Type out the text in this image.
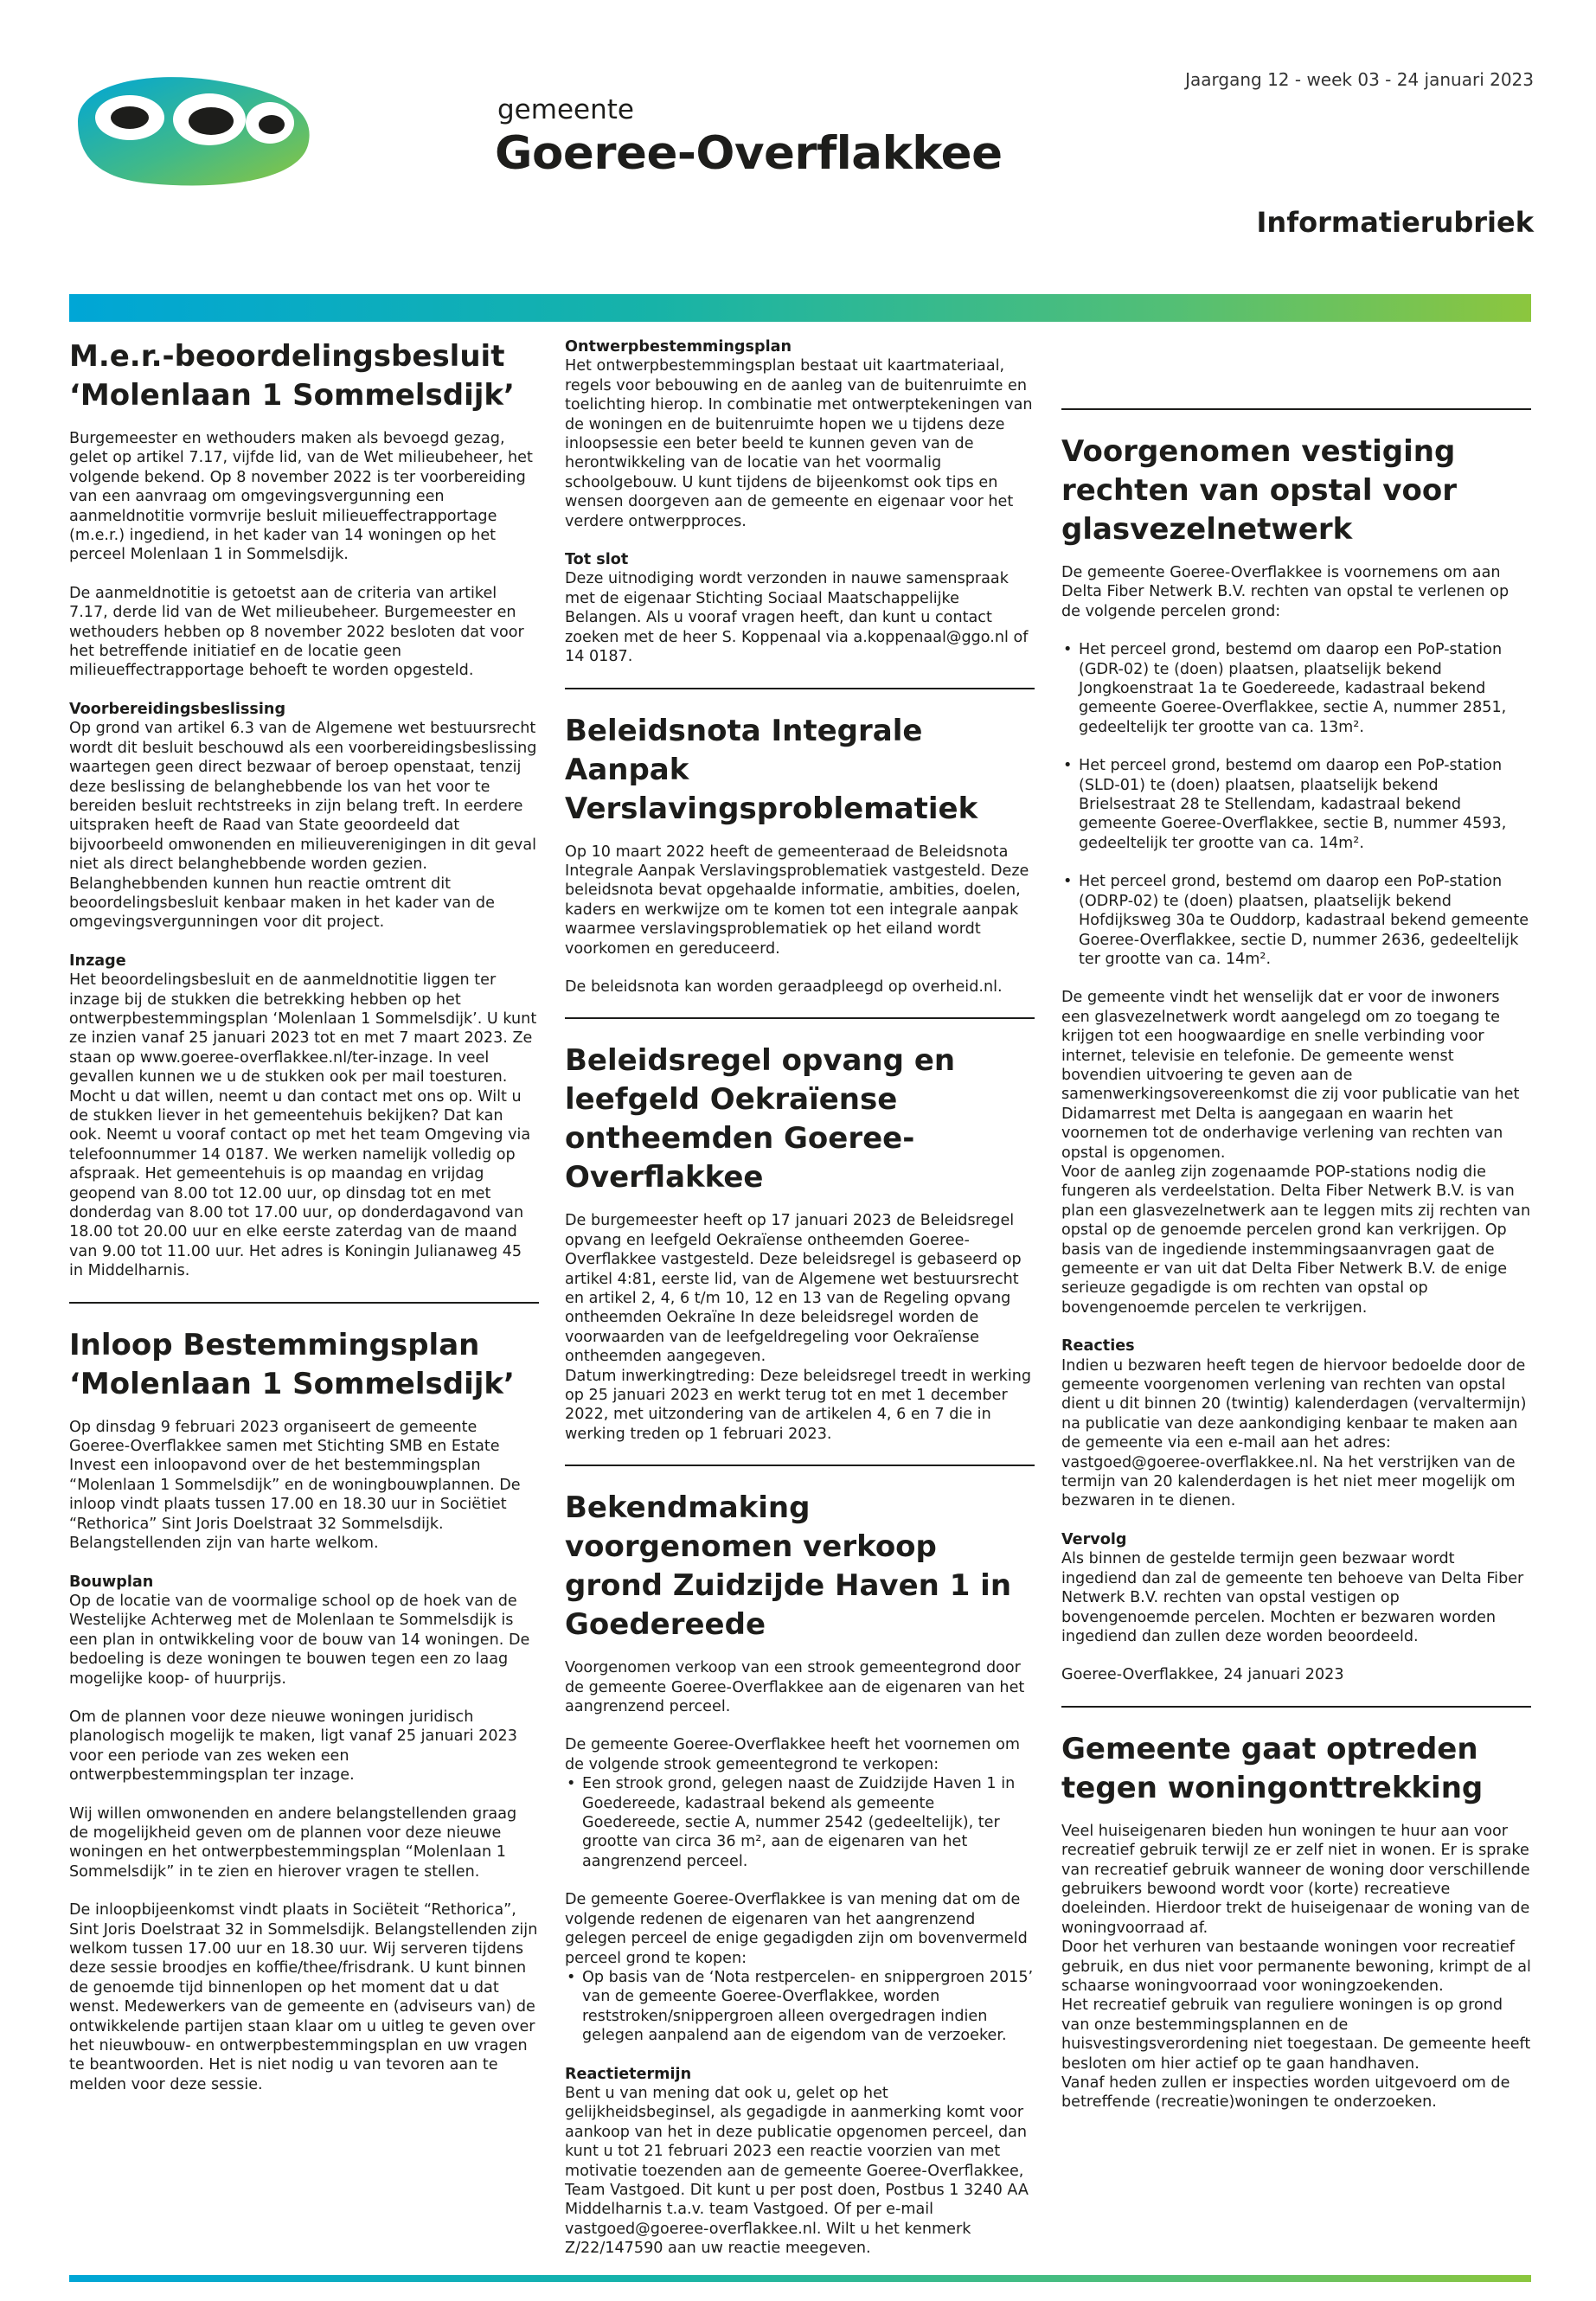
gemeente

Goeree-Overflakkee

Jaargang 12 - week 03 - 24 januari 2023

Informatierubriek

M.e.r.-beoordelingsbesluit ‘Molenlaan 1 Sommelsdijk’

Burgemeester en wethouders maken als bevoegd gezag, gelet op artikel 7.17, vijfde lid, van de Wet milieubeheer, het volgende bekend. Op 8 november 2022 is ter voorbereiding van een aanvraag om omgevingsvergunning een aanmeldnotitie vormvrije besluit milieueffectrapportage (m.e.r.) ingediend, in het kader van 14 woningen op het perceel Molenlaan 1 in Sommelsdijk.

De aanmeldnotitie is getoetst aan de criteria van artikel 7.17, derde lid van de Wet milieubeheer. Burgemeester en wethouders hebben op 8 november 2022 besloten dat voor het betreffende initiatief en de locatie geen milieueffectrapportage behoeft te worden opgesteld.

Voorbereidingsbeslissing

Op grond van artikel 6.3 van de Algemene wet bestuursrecht wordt dit besluit beschouwd als een voorbereidingsbeslissing waartegen geen direct bezwaar of beroep openstaat, tenzij deze beslissing de belanghebbende los van het voor te bereiden besluit rechtstreeks in zijn belang treft. In eerdere uitspraken heeft de Raad van State geoordeeld dat bijvoorbeeld omwonenden en milieuverenigingen in dit geval niet als direct belanghebbende worden gezien. Belanghebbenden kunnen hun reactie omtrent dit beoordelingsbesluit kenbaar maken in het kader van de omgevingsvergunningen voor dit project.

Inzage

Het beoordelingsbesluit en de aanmeldnotitie liggen ter inzage bij de stukken die betrekking hebben op het ontwerpbestemmingsplan ‘Molenlaan 1 Sommelsdijk’. U kunt ze inzien vanaf 25 januari 2023 tot en met 7 maart 2023. Ze staan op www.goeree-overflakkee.nl/ter-inzage. In veel gevallen kunnen we u de stukken ook per mail toesturen. Mocht u dat willen, neemt u dan contact met ons op. Wilt u de stukken liever in het gemeentehuis bekijken? Dat kan ook. Neemt u vooraf contact op met het team Omgeving via telefoonnummer 14 0187. We werken namelijk volledig op afspraak. Het gemeentehuis is op maandag en vrijdag geopend van 8.00 tot 12.00 uur, op dinsdag tot en met donderdag van 8.00 tot 17.00 uur, op donderdagavond van 18.00 tot 20.00 uur en elke eerste zaterdag van de maand van 9.00 tot 11.00 uur. Het adres is Koningin Julianaweg 45 in Middelharnis.

Inloop Bestemmingsplan ‘Molenlaan 1 Sommelsdijk’

Op dinsdag 9 februari 2023 organiseert de gemeente Goeree-Overflakkee samen met Stichting SMB en Estate Invest een inloopavond over de het bestemmingsplan “Molenlaan 1 Sommelsdijk” en de woningbouwplannen. De inloop vindt plaats tussen 17.00 en 18.30 uur in Sociëtiet “Rethorica” Sint Joris Doelstraat 32 Sommelsdijk. Belangstellenden zijn van harte welkom.

Bouwplan

Op de locatie van de voormalige school op de hoek van de Westelijke Achterweg met de Molenlaan te Sommelsdijk is een plan in ontwikkeling voor de bouw van 14 woningen. De bedoeling is deze woningen te bouwen tegen een zo laag mogelijke koop- of huurprijs.

Om de plannen voor deze nieuwe woningen juridisch planologisch mogelijk te maken, ligt vanaf 25 januari 2023 voor een periode van zes weken een ontwerpbestemmingsplan ter inzage.

Wij willen omwonenden en andere belangstellenden graag de mogelijkheid geven om de plannen voor deze nieuwe woningen en het ontwerpbestemmingsplan “Molenlaan 1 Sommelsdijk” in te zien en hierover vragen te stellen.

De inloopbijeenkomst vindt plaats in Sociëteit “Rethorica”, Sint Joris Doelstraat 32 in Sommelsdijk. Belangstellenden zijn welkom tussen 17.00 uur en 18.30 uur. Wij serveren tijdens deze sessie broodjes en koffie/thee/frisdrank. U kunt binnen de genoemde tijd binnenlopen op het moment dat u dat wenst. Medewerkers van de gemeente en (adviseurs van) de ontwikkelende partijen staan klaar om u uitleg te geven over het nieuwbouw- en ontwerpbestemmingsplan en uw vragen te beantwoorden. Het is niet nodig u van tevoren aan te melden voor deze sessie.

Ontwerpbestemmingsplan

Het ontwerpbestemmingsplan bestaat uit kaartmateriaal, regels voor bebouwing en de aanleg van de buitenruimte en toelichting hierop. In combinatie met ontwerptekeningen van de woningen en de buitenruimte hopen we u tijdens deze inloopsessie een beter beeld te kunnen geven van de herontwikkeling van de locatie van het voormalig schoolgebouw. U kunt tijdens de bijeenkomst ook tips en wensen doorgeven aan de gemeente en eigenaar voor het verdere ontwerpproces.

Tot slot

Deze uitnodiging wordt verzonden in nauwe samenspraak met de eigenaar Stichting Sociaal Maatschappelijke Belangen. Als u vooraf vragen heeft, dan kunt u contact zoeken met de heer S. Koppenaal via a.koppenaal@ggo.nl of 14 0187.

Beleidsnota Integrale Aanpak Verslavingsproblematiek

Op 10 maart 2022 heeft de gemeenteraad de Beleidsnota Integrale Aanpak Verslavingsproblematiek vastgesteld. Deze beleidsnota bevat opgehaalde informatie, ambities, doelen, kaders en werkwijze om te komen tot een integrale aanpak waarmee verslavingsproblematiek op het eiland wordt voorkomen en gereduceerd.

De beleidsnota kan worden geraadpleegd op overheid.nl.

Beleidsregel opvang en leefgeld Oekraïense ontheemden Goeree-Overflakkee

De burgemeester heeft op 17 januari 2023 de Beleidsregel opvang en leefgeld Oekraïense ontheemden Goeree-Overflakkee vastgesteld. Deze beleidsregel is gebaseerd op artikel 4:81, eerste lid, van de Algemene wet bestuursrecht en artikel 2, 4, 6 t/m 10, 12 en 13 van de Regeling opvang ontheemden Oekraïne In deze beleidsregel worden de voorwaarden van de leefgeldregeling voor Oekraïense ontheemden aangegeven.

Datum inwerkingtreding: Deze beleidsregel treedt in werking op 25 januari 2023 en werkt terug tot en met 1 december 2022, met uitzondering van de artikelen 4, 6 en 7 die in werking treden op 1 februari 2023.

Bekendmaking voorgenomen verkoop grond Zuidzijde Haven 1 in Goedereede

Voorgenomen verkoop van een strook gemeentegrond door de gemeente Goeree-Overflakkee aan de eigenaren van het aangrenzend perceel.

De gemeente Goeree-Overflakkee heeft het voornemen om de volgende strook gemeentegrond te verkopen:

• Een strook grond, gelegen naast de Zuidzijde Haven 1 in Goedereede, kadastraal bekend als gemeente Goedereede, sectie A, nummer 2542 (gedeeltelijk), ter grootte van circa 36 m², aan de eigenaren van het aangrenzend perceel.

De gemeente Goeree-Overflakkee is van mening dat om de volgende redenen de eigenaren van het aangrenzend gelegen perceel de enige gegadigden zijn om bovenvermeld perceel grond te kopen:

• Op basis van de ‘Nota restpercelen- en snippergroen 2015’ van de gemeente Goeree-Overflakkee, worden reststroken/snippergroen alleen overgedragen indien gelegen aanpalend aan de eigendom van de verzoeker.
Reactietermijn

Bent u van mening dat ook u, gelet op het gelijkheidsbeginsel, als gegadigde in aanmerking komt voor aankoop van het in deze publicatie opgenomen perceel, dan kunt u tot 21 februari 2023 een reactie voorzien van met motivatie toezenden aan de gemeente Goeree-Overflakkee, Team Vastgoed. Dit kunt u per post doen, Postbus 1 3240 AA Middelharnis t.a.v. team Vastgoed. Of per e-mail vastgoed@goeree-overflakkee.nl. Wilt u het kenmerk Z/22/147590 aan uw reactie meegeven.

Voorgenomen vestiging rechten van opstal voor glasvezelnetwerk

De gemeente Goeree-Overflakkee is voornemens om aan Delta Fiber Netwerk B.V. rechten van opstal te verlenen op de volgende percelen grond:

• Het perceel grond, bestemd om daarop een PoP-station (GDR-02) te (doen) plaatsen, plaatselijk bekend Jongkoenstraat 1a te Goedereede, kadastraal bekend gemeente Goeree-Overflakkee, sectie A, nummer 2851, gedeeltelijk ter grootte van ca. 13m².
• Het perceel grond, bestemd om daarop een PoP-station (SLD-01) te (doen) plaatsen, plaatselijk bekend Brielsestraat 28 te Stellendam, kadastraal bekend gemeente Goeree-Overflakkee, sectie B, nummer 4593, gedeeltelijk ter grootte van ca. 14m².
• Het perceel grond, bestemd om daarop een PoP-station (ODRP-02) te (doen) plaatsen, plaatselijk bekend Hofdijksweg 30a te Ouddorp, kadastraal bekend gemeente Goeree-Overflakkee, sectie D, nummer 2636, gedeeltelijk ter grootte van ca. 14m².

De gemeente vindt het wenselijk dat er voor de inwoners een glasvezelnetwerk wordt aangelegd om zo toegang te krijgen tot een hoogwaardige en snelle verbinding voor internet, televisie en telefonie. De gemeente wenst bovendien uitvoering te geven aan de samenwerkingsovereenkomst die zij voor publicatie van het Didamarrest met Delta is aangegaan en waarin het voornemen tot de onderhavige verlening van rechten van opstal is opgenomen.

Voor de aanleg zijn zogenaamde POP-stations nodig die fungeren als verdeelstation. Delta Fiber Netwerk B.V. is van plan een glasvezelnetwerk aan te leggen mits zij rechten van opstal op de genoemde percelen grond kan verkrijgen. Op basis van de ingediende instemmingsaanvragen gaat de gemeente er van uit dat Delta Fiber Netwerk B.V. de enige serieuze gegadigde is om rechten van opstal op bovengenoemde percelen te verkrijgen.

Reacties

Indien u bezwaren heeft tegen de hiervoor bedoelde door de gemeente voorgenomen verlening van rechten van opstal dient u dit binnen 20 (twintig) kalenderdagen (vervaltermijn) na publicatie van deze aankondiging kenbaar te maken aan de gemeente via een e-mail aan het adres: vastgoed@goeree-overflakkee.nl. Na het verstrijken van de termijn van 20 kalenderdagen is het niet meer mogelijk om bezwaren in te dienen.

Vervolg

Als binnen de gestelde termijn geen bezwaar wordt ingediend dan zal de gemeente ten behoeve van Delta Fiber Netwerk B.V. rechten van opstal vestigen op bovengenoemde percelen. Mochten er bezwaren worden ingediend dan zullen deze worden beoordeeld.

Goeree-Overflakkee, 24 januari 2023

Gemeente gaat optreden tegen woningonttrekking

Veel huiseigenaren bieden hun woningen te huur aan voor recreatief gebruik terwijl ze er zelf niet in wonen. Er is sprake van recreatief gebruik wanneer de woning door verschillende gebruikers bewoond wordt voor (korte) recreatieve doeleinden. Hierdoor trekt de huiseigenaar de woning van de woningvoorraad af.

Door het verhuren van bestaande woningen voor recreatief gebruik, en dus niet voor permanente bewoning, krimpt de al schaarse woningvoorraad voor woningzoekenden.

Het recreatief gebruik van reguliere woningen is op grond van onze bestemmingsplannen en de huisvestingsverordening niet toegestaan. De gemeente heeft besloten om hier actief op te gaan handhaven.

Vanaf heden zullen er inspecties worden uitgevoerd om de betreffende (recreatie)woningen te onderzoeken.
